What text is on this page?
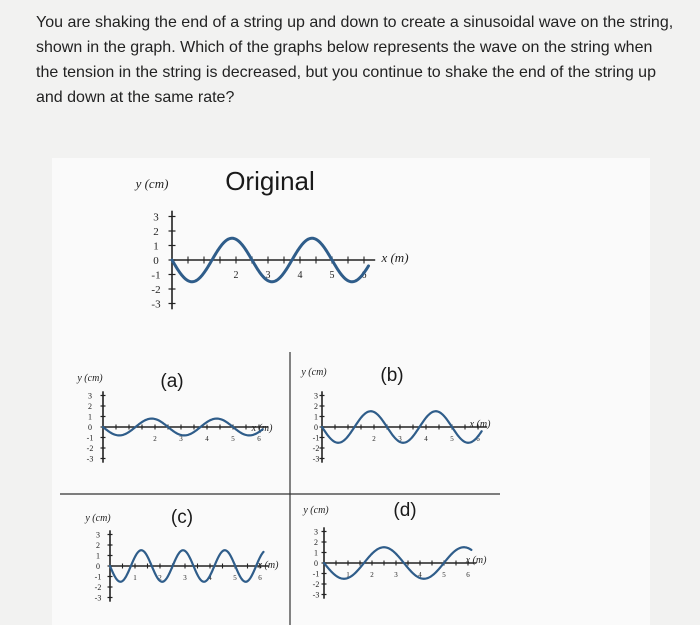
You are shaking the end of a string up and down to create a sinusoidal wave on the string, shown in the graph. Which of the graphs below represents the wave on the string when the tension in the string is decreased, but you continue to shake the end of the string up and down at the same rate?
3
2
1
0
-1
-2
-3
2	3	4	5	6
y (cm)
x (m)
Original
3
2
1
0
-1
-2
-3
2	3	4	5	6
y (cm)
x (m)
(a)
3
2
1
0
-1
-2
-3
2	3	4	5	6
y (cm)
x (m)
(b)
3
2
1
0
-1
-2
-3
1	2	3	4	5	6
y (cm)
x (m)
(c)
3
2
1
0
-1
-2
-3
1	2	3	4	5	6
y (cm)
x (m)
(d)
